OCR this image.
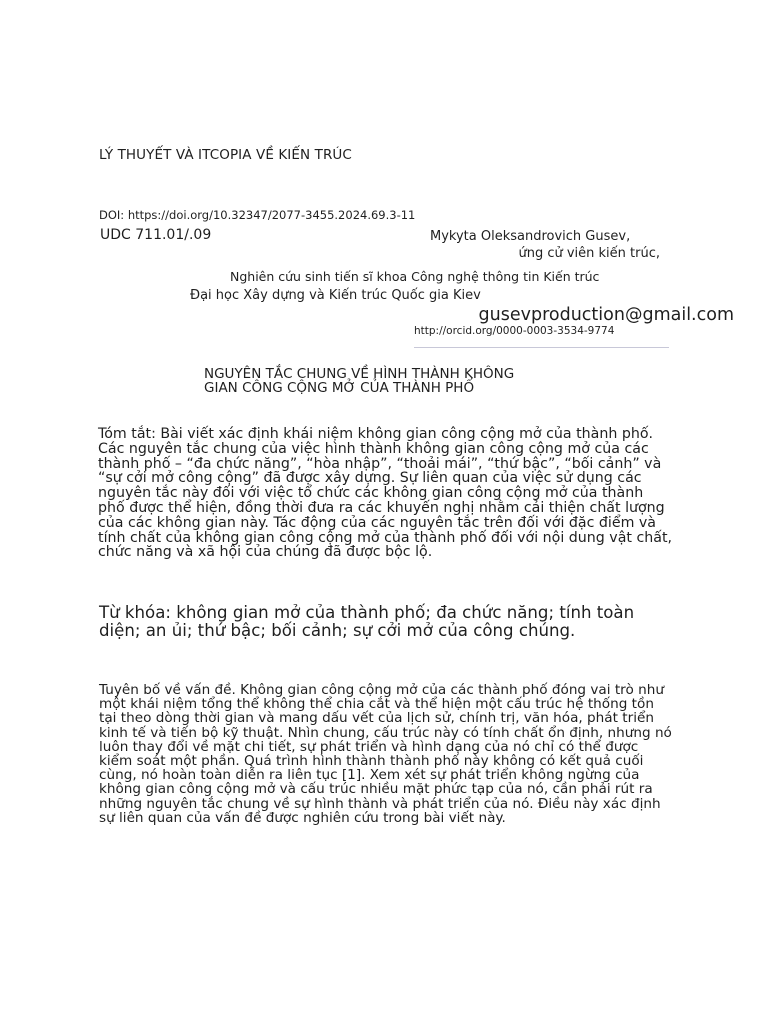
LÝ THUYẾT VÀ ITCOPIA VỀ KIẾN TRÚC
DOI: https://doi.org/10.32347/2077-3455.2024.69.3-11
UDC 711.01/.09	Mykyta Oleksandrovich Gusev,
ứng cử viên kiến trúc,
Nghiên cứu sinh tiến sĩ khoa Công nghệ thông tin Kiến trúc
Đại học Xây dựng và Kiến trúc Quốc gia Kiev
gusevproduction@gmail.com
http://orcid.org/0000-0003-3534-9774
NGUYÊN TẮC CHUNG VỀ HÌNH THÀNH KHÔNG
GIAN CÔNG CỘNG MỞ CỦA THÀNH PHỐ
Tóm tắt: Bài viết xác định khái niệm không gian công cộng mở của thành phố. Các nguyên tắc chung của việc hình thành không gian công cộng mở của các thành phố – “đa chức năng”, “hòa nhập”, “thoải mái”, “thứ bậc”, “bối cảnh” và “sự cởi mở công cộng” đã được xây dựng. Sự liên quan của việc sử dụng các nguyên tắc này đối với việc tổ chức các không gian công cộng mở của thành phố được thể hiện, đồng thời đưa ra các khuyến nghị nhằm cải thiện chất lượng của các không gian này. Tác động của các nguyên tắc trên đối với đặc điểm và tính chất của không gian công cộng mở của thành phố đối với nội dung vật chất, chức năng và xã hội của chúng đã được bộc lộ.
Từ khóa: không gian mở của thành phố; đa chức năng; tính toàn diện; an ủi; thứ bậc; bối cảnh; sự cởi mở của công chúng.
Tuyên bố về vấn đề. Không gian công cộng mở của các thành phố đóng vai trò như một khái niệm tổng thể không thể chia cắt và thể hiện một cấu trúc hệ thống tồn tại theo dòng thời gian và mang dấu vết của lịch sử, chính trị, văn hóa, phát triển kinh tế và tiến bộ kỹ thuật. Nhìn chung, cấu trúc này có tính chất ổn định, nhưng nó luôn thay đổi về mặt chi tiết, sự phát triển và hình dạng của nó chỉ có thể được kiểm soát một phần. Quá trình hình thành thành phố này không có kết quả cuối cùng, nó hoàn toàn diễn ra liên tục [1]. Xem xét sự phát triển không ngừng của không gian công cộng mở và cấu trúc nhiều mặt phức tạp của nó, cần phải rút ra những nguyên tắc chung về sự hình thành và phát triển của nó. Điều này xác định sự liên quan của vấn đề được nghiên cứu trong bài viết này.
